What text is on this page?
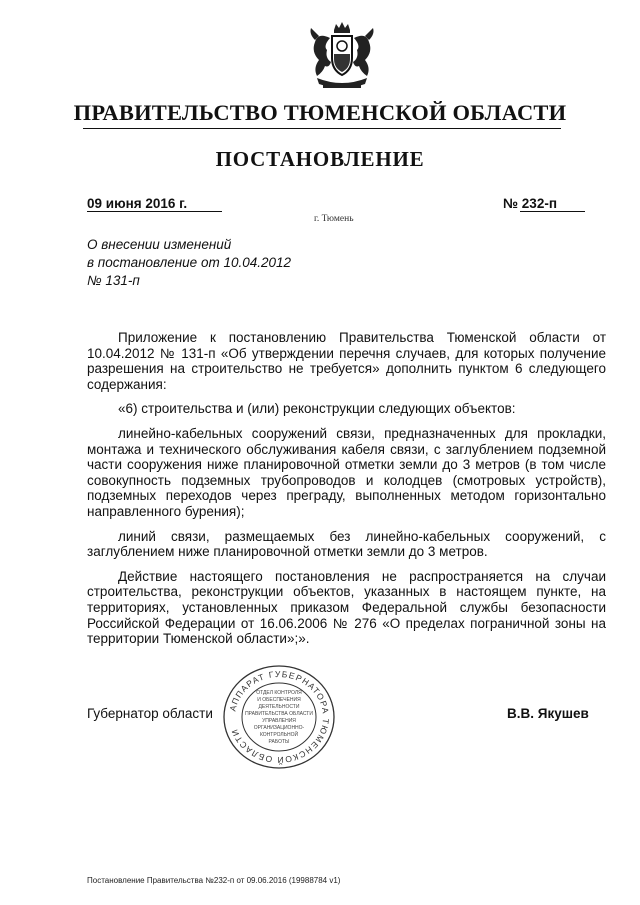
ПРАВИТЕЛЬСТВО ТЮМЕНСКОЙ ОБЛАСТИ
ПОСТАНОВЛЕНИЕ
09 июня 2016 г.	№ 232-п
г. Тюмень
О внесении изменений
в постановление от 10.04.2012
№ 131-п

Приложение к постановлению Правительства Тюменской области от 10.04.2012 № 131-п «Об утверждении перечня случаев, для которых получение разрешения на строительство не требуется» дополнить пунктом 6 следующего содержания:

«6) строительства и (или) реконструкции следующих объектов:

линейно-кабельных сооружений связи, предназначенных для прокладки, монтажа и технического обслуживания кабеля связи, с заглублением подземной части сооружения ниже планировочной отметки земли до 3 метров (в том числе совокупность подземных трубопроводов и колодцев (смотровых устройств), подземных переходов через преграду, выполненных методом горизонтально направленного бурения);

линий связи, размещаемых без линейно-кабельных сооружений, с заглублением ниже планировочной отметки земли до 3 метров.

Действие настоящего постановления не распространяется на случаи строительства, реконструкции объектов, указанных в настоящем пункте, на территориях, установленных приказом Федеральной службы безопасности Российской Федерации от 16.06.2006 № 276 «О пределах пограничной зоны на территории Тюменской области»;».

Губернатор области	В.В. Якушев
АППАРАТ ГУБЕРНАТОРА ТЮМЕНСКОЙ ОБЛАСТИ
ОТДЕЛ КОНТРОЛЯ
И ОБЕСПЕЧЕНИЯ
ДЕЯТЕЛЬНОСТИ
ПРАВИТЕЛЬСТВА ОБЛАСТИ
УПРАВЛЕНИЯ
ОРГАНИЗАЦИОННО-
КОНТРОЛЬНОЙ
РАБОТЫ
Постановление Правительства №232-п от 09.06.2016 (19988784 v1)
